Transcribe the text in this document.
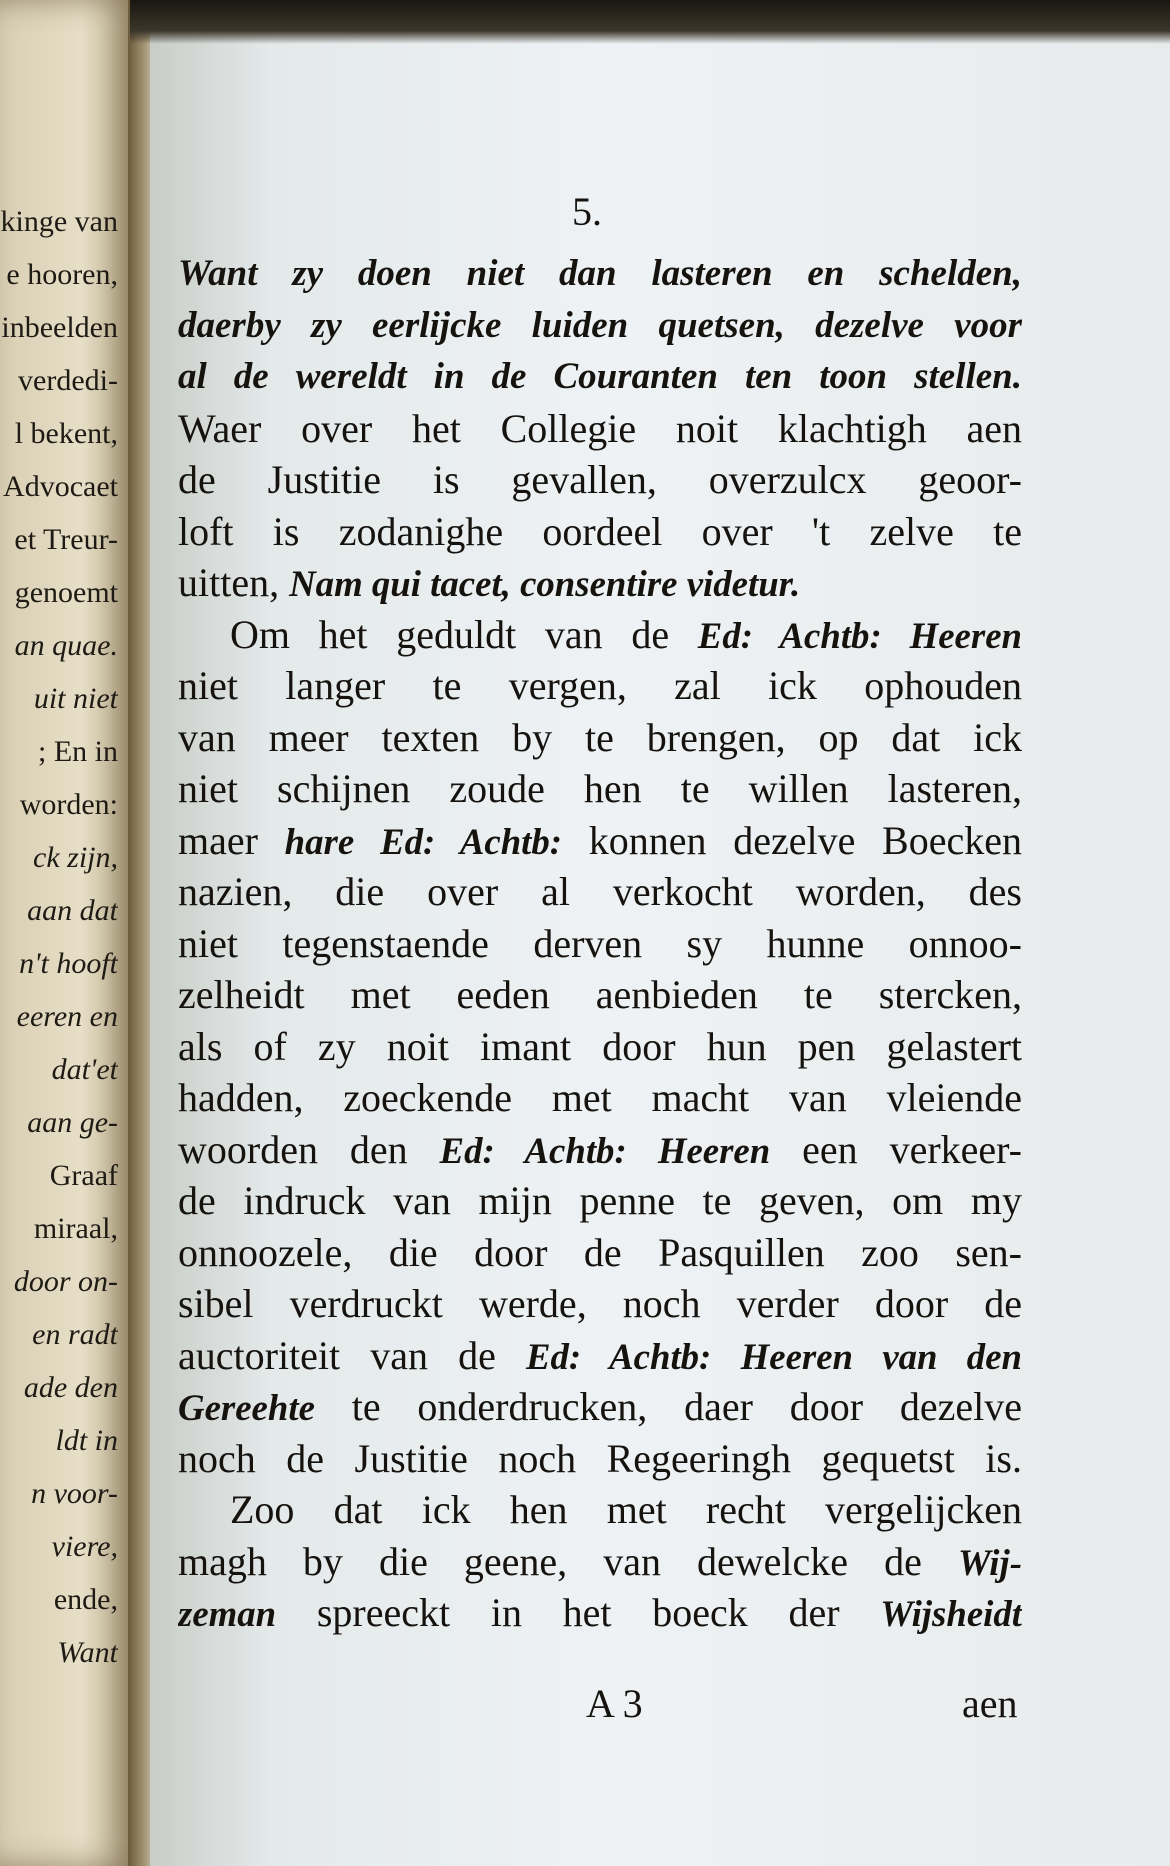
kinge van
e hooren,
inbeelden
verdedi-
l bekent,
Advocaet
et Treur-
genoemt
an quae.
uit niet
; En in
worden:
ck zijn,
aan dat
n't hooft
eeren en
dat'et
aan ge-
Graaf
miraal,
door on-
en radt
ade den
ldt in
n voor-
viere,
ende,
Want
5.
Want zy doen niet dan lasteren en schelden,
daerby zy eerlijcke luiden quetsen, dezelve voor
al de wereldt in de Couranten ten toon stellen.
Waer over het Collegie noit klachtigh aen
de Justitie is gevallen, overzulcx geoor-
loft is zodanighe oordeel over 't zelve te
uitten, Nam qui tacet, consentire videtur.
Om het geduldt van de Ed: Achtb: Heeren
niet langer te vergen, zal ick ophouden
van meer texten by te brengen, op dat ick
niet schijnen zoude hen te willen lasteren,
maer hare Ed: Achtb: konnen dezelve Boecken
nazien, die over al verkocht worden, des
niet tegenstaende derven sy hunne onnoo-
zelheidt met eeden aenbieden te stercken,
als of zy noit imant door hun pen gelastert
hadden, zoeckende met macht van vleiende
woorden den Ed: Achtb: Heeren een verkeer-
de indruck van mijn penne te geven, om my
onnoozele, die door de Pasquillen zoo sen-
sibel verdruckt werde, noch verder door de
auctoriteit van de Ed: Achtb: Heeren van den
Gereehte te onderdrucken, daer door dezelve
noch de Justitie noch Regeeringh gequetst is.
Zoo dat ick hen met recht vergelijcken
magh by die geene, van dewelcke de Wij-
zeman spreeckt in het boeck der Wijsheidt
A 3	aen
